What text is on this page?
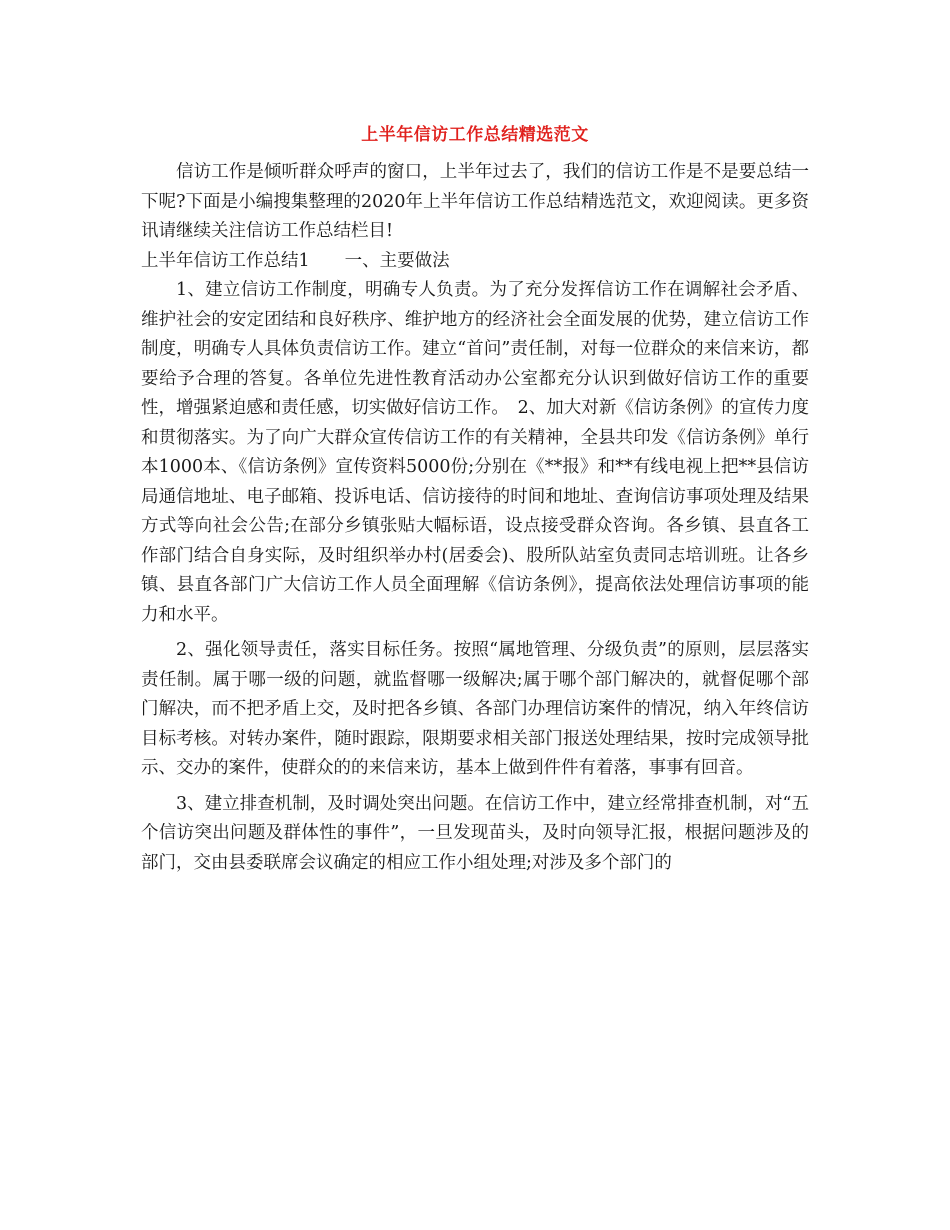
上半年信访工作总结精选范文

信访工作是倾听群众呼声的窗口，上半年过去了，我们的信访工作是不是要总结一下呢?下面是小编搜集整理的2020年上半年信访工作总结精选范文，欢迎阅读。更多资讯请继续关注信访工作总结栏目!

上半年信访工作总结1　　一、主要做法

1、建立信访工作制度，明确专人负责。为了充分发挥信访工作在调解社会矛盾、维护社会的安定团结和良好秩序、维护地方的经济社会全面发展的优势，建立信访工作制度，明确专人具体负责信访工作。建立“首问”责任制，对每一位群众的来信来访，都要给予合理的答复。各单位先进性教育活动办公室都充分认识到做好信访工作的重要性，增强紧迫感和责任感，切实做好信访工作。　2、加大对新《信访条例》的宣传力度和贯彻落实。为了向广大群众宣传信访工作的有关精神，全县共印发《信访条例》单行本1000本、《信访条例》宣传资料5000份;分别在《**报》和**有线电视上把**县信访局通信地址、电子邮箱、投诉电话、信访接待的时间和地址、查询信访事项处理及结果方式等向社会公告;在部分乡镇张贴大幅标语，设点接受群众咨询。各乡镇、县直各工作部门结合自身实际，及时组织举办村(居委会)、股所队站室负责同志培训班。让各乡镇、县直各部门广大信访工作人员全面理解《信访条例》，提高依法处理信访事项的能力和水平。

2、强化领导责任，落实目标任务。按照“属地管理、分级负责”的原则，层层落实责任制。属于哪一级的问题，就监督哪一级解决;属于哪个部门解决的，就督促哪个部门解决，而不把矛盾上交，及时把各乡镇、各部门办理信访案件的情况，纳入年终信访目标考核。对转办案件，随时跟踪，限期要求相关部门报送处理结果，按时完成领导批示、交办的案件，使群众的的来信来访，基本上做到件件有着落，事事有回音。

3、建立排查机制，及时调处突出问题。在信访工作中，建立经常排查机制，对“五个信访突出问题及群体性的事件”，一旦发现苗头，及时向领导汇报，根据问题涉及的部门，交由县委联席会议确定的相应工作小组处理;对涉及多个部门的
